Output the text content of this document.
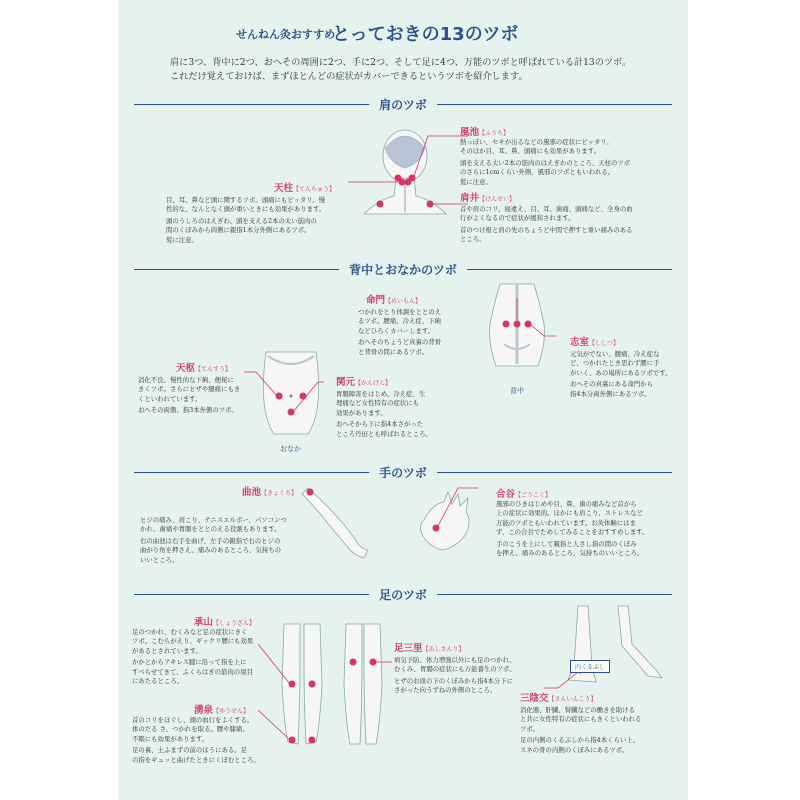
せんねん灸おすすめ
とっておきの13のツボ
肩に3つ、背中に2つ、おへその周囲に2つ、手に2つ、そして足に4つ、万能のツボと呼ばれている計13のツボ。
これだけ覚えておけば、まずほとんどの症状がカバーできるというツボを紹介します。
肩のツボ
風池【ふうち】

熱っぽい、セキが出るなどの風邪の症状にピッタリ。
そのほか目、耳、鼻、頭痛にも効果があります。

頭を支える太い2本の筋肉のはえぎわのところ、天柱のツボ
のさらに1cmくらい外側、風邪のツボともいわれる。
髪に注意。

天柱【てんちゅう】

目、耳、鼻など頭に関するツボ。頭痛にもピッタリ。慢
性的な、なんとなく頭が重いときにも効果があります。

頭のうしろのはえぎわ、頭を支える2本の太い筋肉の
間のくぼみから両側に親指1本分外側にあるツボ。
髪に注意。

肩井【けんせい】

首や肩のコリ、寝違え、目、耳、歯痛、頭痛など、全身の血
行がよくなるので症状が緩和されます。

首のつけ根と肩の先のちょうど中間で押すと重い痛みのある
ところ。

背中とおなかのツボ
背中
命門【めいもん】

つかれをとり体調をととのえ
るツボ。腰痛、冷え症、下痢
などひろくカバーします。

おへそのちょうど真裏の背骨
と背骨の間にあるツボ。

志室【ししつ】

元気がでない、腰痛、冷え症な
ど、つかれたとき思わず腰に手
がいく、あの場所にあるツボです。

おへその真裏にある命門から
指4本分両外側にあるツボ。

おなか
天枢【てんすう】

消化不良、慢性的な下痢、便秘に
きくツボ。さらにヒザや腿痛にもき
くといわれています。

おへその両側、指3本外側のツボ。

関元【かんげん】

胃腸障害をはじめ、冷え症、生
理痛など女性特有の症状にも
効果があります。

おへそから下に指4本さがった
ところ丹田とも呼ばれるところ。

手のツボ
曲池【きょくち】

ヒジの痛み、肩こり、テニスエルボー、パソコンつ
かれ、歯痛や胃腸をととのえる役割もあります。

右の曲池は右手を曲げ、左手の親指で右のヒジの
曲がり角を押さえ、痛みのあるところ、気持ちの
いいところ。

合谷【ごうこく】

風邪のひきはじめや目、鼻、歯の痛みなど首から
上の症状に効果的。ほかにも肩こり、ストレスなど
万能のツボともいわれています。お灸体験にはま
ず、この合谷でためしてみることをおすすめします。

手のこうを上にして親指と人さし指の間のくぼみ
を押え、痛みのあるところ、気持ちのいいところ。

足のツボ
承山【しょうざん】

足のつかれ、むくみなど足の症状にきく
ツボ。こむらがえり、ギックリ腰にも効果
があるとされています。

かかとからアキレス腱に沿って指を上に
すべらせてきて、ふくらはぎの筋肉の境目
にあたるところ。

湧泉【ゆうせん】

首のコリをほぐし、頭の血行をよくする。
体のだる さ、つかれを取る。腰や膝痛、
不眠にも効果があります。

足の裏、土ふまずの前のほうにある。足
の指をギュッと曲げたときにくぼむところ。

足三里【あしさんり】

病気予防、体力増強以外にも足のつかれ、
むくみ、胃腸の症状にも万能養生のツボ。

ヒザのお皿の下のくぼみから指4本分下に
さがった向うずねの外側のところ。

内くるぶし
三陰交【さんいんこう】

消化器、肝臓、腎臓などの働きを助ける
と共に女性特有の症状にもきくといわれる
ツボ。

足の内側のくるぶしから指4本くらい上、
スネの骨の内側のくぼみにあるツボ。
